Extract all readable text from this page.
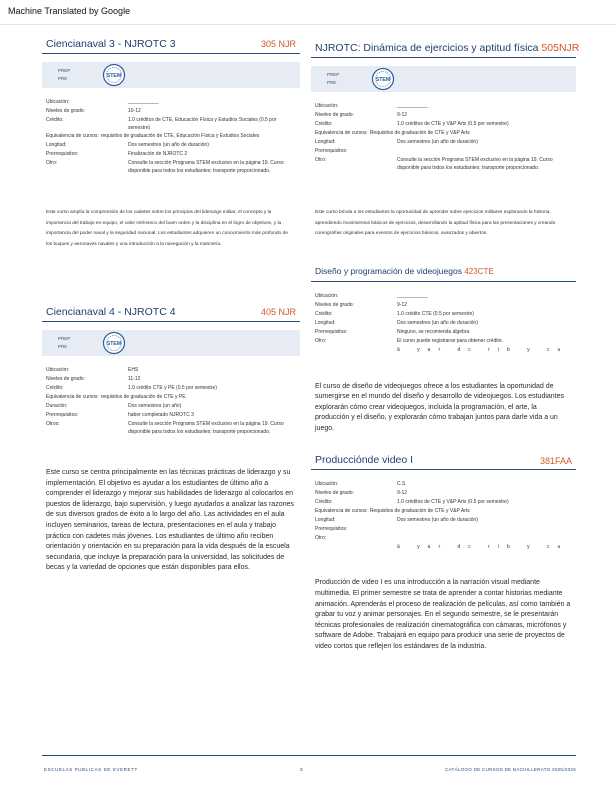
Machine Translated by Google
Ciencianaval 3 - NJROTC 3	305 NJR
PREP
PRE	STEM
Ubicación:	___________
Niveles de grado:	10-12
Crédito:	1.0 créditos de CTE, Educación Física y Estudios Sociales (0.5 por semestre)
Equivalencia de cursos: requisitos de graduación de CTE, Educación Física y Estudios Sociales
Longitud:	Dos semestres (un año de duración)
Prerrequisitos:	Finalización de NJROTC 2
Otro:	Consulte la sección Programa STEM exclusivo en la página 19. Curso disponible para todos los estudiantes; transporte proporcionado.
Este curso amplía la comprensión de los cadetes sobre los principios del liderazgo militar, el concepto y la importancia del trabajo en equipo, el valor intrínseco del buen orden y la disciplina en el logro de objetivos, y la importancia del poder naval y la seguridad nacional. Los estudiantes adquieren un conocimiento más profundo de los buques y aeronaves navales y una introducción a la navegación y la marinería.
Ciencianaval 4 - NJROTC 4	405 NJR
PREP
PRE	STEM
Ubicación:	EHS
Niveles de grado:	11-12
Crédito:	1.0 crédito CTE y PE (0.5 por semestre)
Equivalencia de cursos: requisitos de graduación de CTE y PE
Duración:	Dos semestres (un año)
Prerrequisitos:	haber completado NJROTC 3
Otros:	Consulte la sección Programa STEM exclusivo en la página 19. Curso disponible para todos los estudiantes; transporte proporcionado.
Este curso se centra principalmente en las técnicas prácticas de liderazgo y su implementación. El objetivo es ayudar a los estudiantes de último año a comprender el liderazgo y mejorar sus habilidades de liderazgo al colocarlos en puestos de liderazgo, bajo supervisión, y luego ayudarlos a analizar las razones de sus diversos grados de éxito a lo largo del año. Las actividades en el aula incluyen seminarios, tareas de lectura, presentaciones en el aula y trabajo práctico con cadetes más jóvenes. Los estudiantes de último año reciben orientación y orientación en su preparación para la vida después de la escuela secundaria, que incluye la preparación para la universidad, las solicitudes de becas y la variedad de opciones que están disponibles para ellos.
NJROTC: Dinámica de ejercicios y aptitud física 505NJR
PREP
PRE	STEM
Ubicación:	___________
Niveles de grado:	9-12
Crédito:	1.0 créditos de CTE y V&P Arts (0.5 por semestre)
Equivalencia de cursos: Requisitos de graduación de CTE y V&P Arts
Longitud:	Dos semestres (un año de duración)
Prerrequisitos:
Otro:	Consulte la sección Programa STEM exclusivo en la página 19. Curso disponible para todos los estudiantes; transporte proporcionado.
Este curso brinda a los estudiantes la oportunidad de aprender sobre ejercicios militares explorando la historia, aprendiendo movimientos básicos de ejercicios, desarrollando la aptitud física para las presentaciones y creando coreografías originales para eventos de ejercicios básicos, avanzados y abiertos.
Diseño y programación de videojuegos 423CTE
Ubicación:	___________
Niveles de grado:	9-12
Crédito:	1.0 crédito CTE (0.5 por semestre)
Longitud:	Dos semestres (un año de duración)
Prerrequisitos:	Ninguno, se recomienda álgebra
Otro:	El curso puede registrarse para obtener crédito.
ä yar dc rib y cu
El curso de diseño de videojuegos ofrece a los estudiantes la oportunidad de sumergirse en el mundo del diseño y desarrollo de videojuegos. Los estudiantes explorarán cómo crear videojuegos, incluida la programación, el arte, la producción y el diseño, y explorarán cómo trabajan juntos para darle vida a un juego.
Producciónde video I	381FAA
Ubicación:	C.S
Niveles de grado:	9-12
Crédito:	1.0 créditos de CTE y V&P Arts (0.5 por semestre)
Equivalencia de cursos: Requisitos de graduación de CTE y V&P Arts
Longitud:	Dos semestres (un año de duración)
Prerrequisitos:
Otro:
ä yar dc rib y cu
Producción de video I es una introducción a la narración visual mediante multimedia. El primer semestre se trata de aprender a contar historias mediante animación. Aprenderás el proceso de realización de películas, así como también a grabar tu voz y animar personajes. En el segundo semestre, se le presentarán técnicas profesionales de realización cinematográfica con cámaras, micrófonos y software de Adobe. Trabajará en equipo para producir una serie de proyectos de video cortos que reflejen los estándares de la industria.
ESCUELAS PÚBLICAS DE EVERETT	3	CATÁLOGO DE CURSOS DE BACHILLERATO 2025/2026
